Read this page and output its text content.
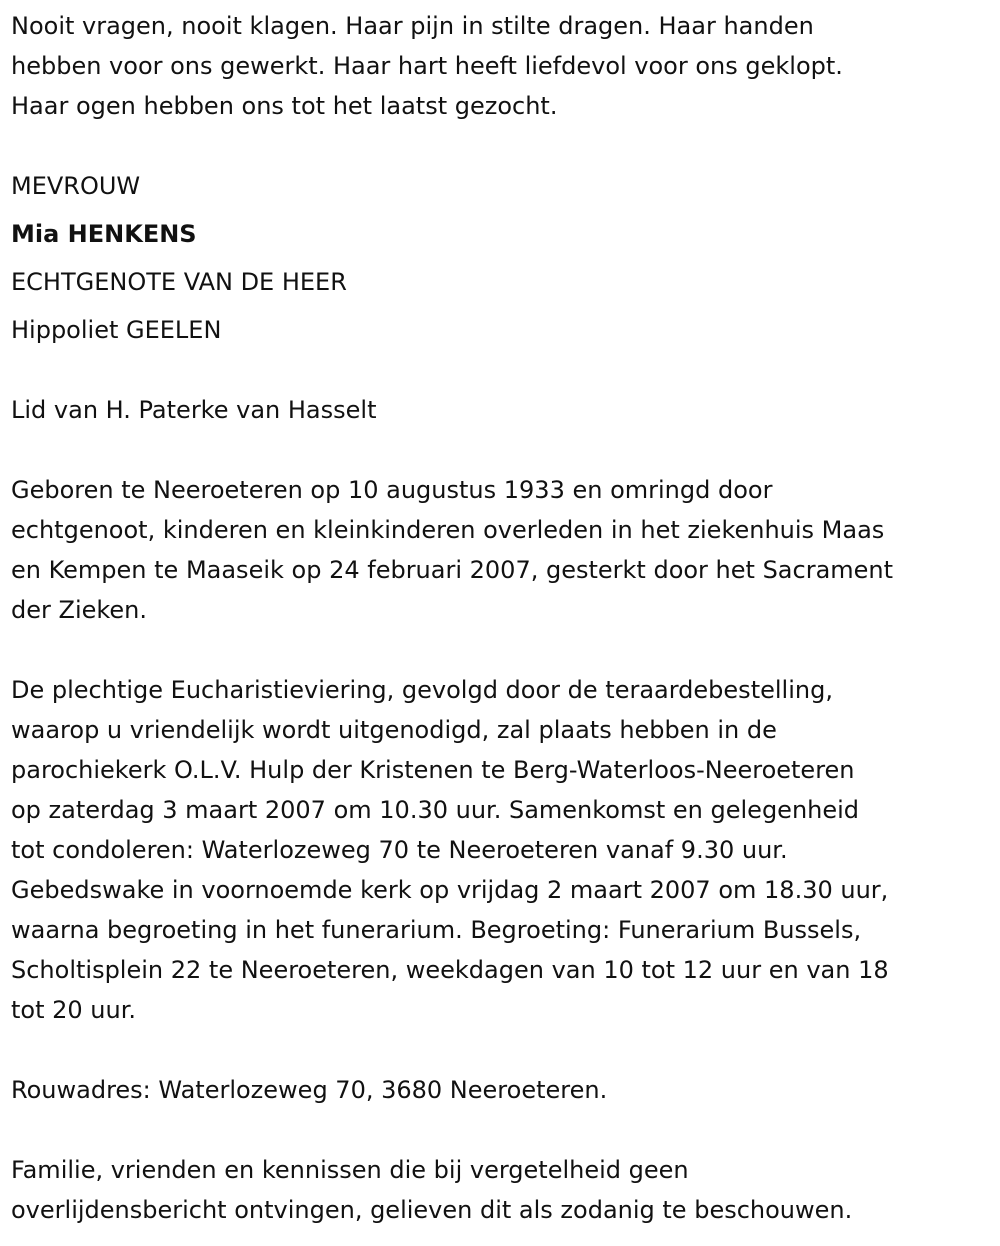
Nooit vragen, nooit klagen. Haar pijn in stilte dragen. Haar handen

hebben voor ons gewerkt. Haar hart heeft liefdevol voor ons geklopt.

Haar ogen hebben ons tot het laatst gezocht.

MEVROUW

Mia HENKENS

ECHTGENOTE VAN DE HEER

Hippoliet GEELEN

Lid van H. Paterke van Hasselt

Geboren te Neeroeteren op 10 augustus 1933 en omringd door

echtgenoot, kinderen en kleinkinderen overleden in het ziekenhuis Maas

en Kempen te Maaseik op 24 februari 2007, gesterkt door het Sacrament

der Zieken.

De plechtige Eucharistieviering, gevolgd door de teraardebestelling,

waarop u vriendelijk wordt uitgenodigd, zal plaats hebben in de

parochiekerk O.L.V. Hulp der Kristenen te Berg-Waterloos-Neeroeteren

op zaterdag 3 maart 2007 om 10.30 uur. Samenkomst en gelegenheid

tot condoleren: Waterlozeweg 70 te Neeroeteren vanaf 9.30 uur.

Gebedswake in voornoemde kerk op vrijdag 2 maart 2007 om 18.30 uur,

waarna begroeting in het funerarium. Begroeting: Funerarium Bussels,

Scholtisplein 22 te Neeroeteren, weekdagen van 10 tot 12 uur en van 18

tot 20 uur.

Rouwadres: Waterlozeweg 70, 3680 Neeroeteren.

Familie, vrienden en kennissen die bij vergetelheid geen

overlijdensbericht ontvingen, gelieven dit als zodanig te beschouwen.
